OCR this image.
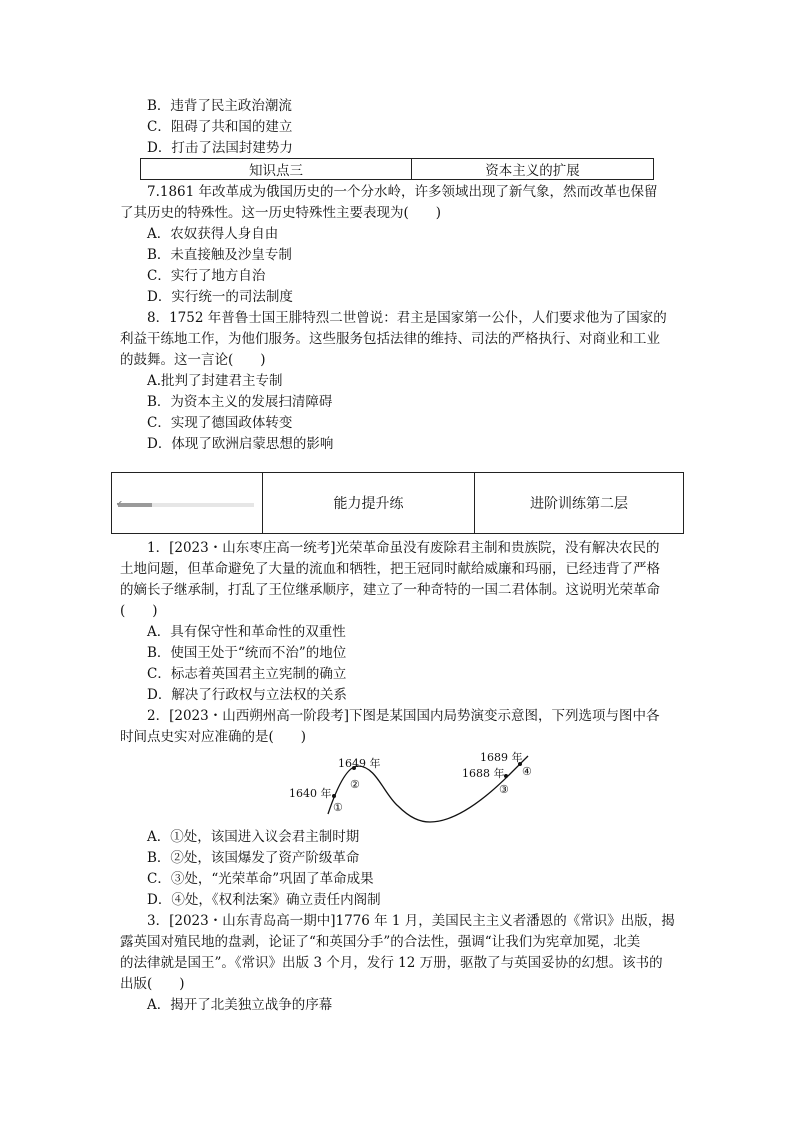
B．违背了民主政治潮流
C．阻碍了共和国的建立
D．打击了法国封建势力
知识点三	资本主义的扩展
7.1861 年改革成为俄国历史的一个分水岭，许多领域出现了新气象，然而改革也保留
了其历史的特殊性。这一历史特殊性主要表现为(　　)
A．农奴获得人身自由
B．未直接触及沙皇专制
C．实行了地方自治
D．实行统一的司法制度
8．1752 年普鲁士国王腓特烈二世曾说：君主是国家第一公仆，人们要求他为了国家的
利益干练地工作，为他们服务。这些服务包括法律的维持、司法的严格执行、对商业和工业
的鼓舞。这一言论(　　)
A.批判了封建君主专制
B．为资本主义的发展扫清障碍
C．实现了德国政体转变
D．体现了欧洲启蒙思想的影响
✔	能力提升练	进阶训练第二层
1．[2023・山东枣庄高一统考]光荣革命虽没有废除君主制和贵族院，没有解决农民的
土地问题，但革命避免了大量的流血和牺牲，把王冠同时献给威廉和玛丽，已经违背了严格
的嫡长子继承制，打乱了王位继承顺序，建立了一种奇特的一国二君体制。这说明光荣革命
(　　)
A．具有保守性和革命性的双重性
B．使国王处于“统而不治”的地位
C．标志着英国君主立宪制的确立
D．解决了行政权与立法权的关系
2．[2023・山西朔州高一阶段考]下图是某国国内局势演变示意图，下列选项与图中各
时间点史实对应准确的是(　　)
1640 年
1649 年
1688 年
1689 年
①
②	③
④
A．①处，该国进入议会君主制时期
B．②处，该国爆发了资产阶级革命
C．③处，“光荣革命”巩固了革命成果
D．④处，《权利法案》确立责任内阁制
3．[2023・山东青岛高一期中]1776 年 1 月，美国民主主义者潘恩的《常识》出版，揭
露英国对殖民地的盘剥，论证了“和英国分手”的合法性，强调“让我们为宪章加冕，北美
的法律就是国王”。《常识》出版 3 个月，发行 12 万册，驱散了与英国妥协的幻想。该书的
出版(　　)
A．揭开了北美独立战争的序幕
